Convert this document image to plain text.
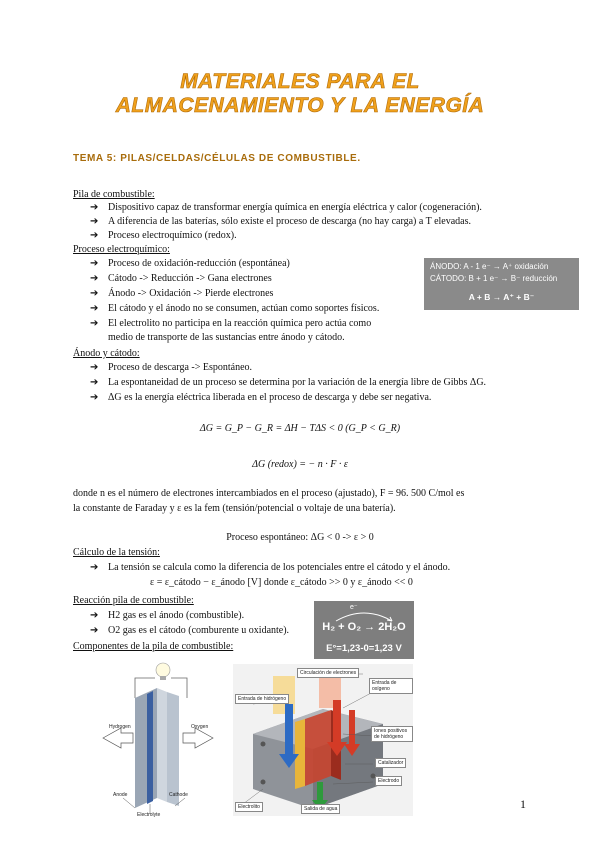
MATERIALES PARA EL
ALMACENAMIENTO Y LA ENERGÍA
TEMA 5: PILAS/CELDAS/CÉLULAS DE COMBUSTIBLE.
Pila de combustible:
➔ Dispositivo capaz de transformar energía química en energía eléctrica y calor (cogeneración).
➔ A diferencia de las baterías, sólo existe el proceso de descarga (no hay carga) a T elevadas.
➔ Proceso electroquímico (redox).
Proceso electroquímico:
➔ Proceso de oxidación-reducción (espontánea)
➔ Cátodo -> Reducción -> Gana electrones
➔ Ánodo -> Oxidación -> Pierde electrones
➔ El cátodo y el ánodo no se consumen, actúan como soportes físicos.
➔ El electrolito no participa en la reacción química pero actúa como
medio de transporte de las sustancias entre ánodo y cátodo.
ÁNODO: A - 1 e⁻ → A⁺ oxidación
CÁTODO: B + 1 e⁻ → B⁻ reducción
A + B → A⁺ + B⁻
Ánodo y cátodo:
➔ Proceso de descarga -> Espontáneo.
➔ La espontaneidad de un proceso se determina por la variación de la energía libre de Gibbs ΔG.
➔ ΔG es la energía eléctrica liberada en el proceso de descarga y debe ser negativa.
ΔG = G_P − G_R = ΔH − TΔS < 0 (G_P < G_R)
ΔG (redox) = − n · F · ε
donde n es el número de electrones intercambiados en el proceso (ajustado), F = 96. 500 C/mol es
la constante de Faraday y ε es la fem (tensión/potencial o voltaje de una batería).
Proceso espontáneo: ΔG < 0 -> ε > 0
Cálculo de la tensión:
➔ La tensión se calcula como la diferencia de los potenciales entre el cátodo y el ánodo.
ε = ε_cátodo − ε_ánodo [V] donde ε_cátodo >> 0 y ε_ánodo << 0
Reacción pila de combustible:
➔ H2 gas es el ánodo (combustible).
➔ O2 gas es el cátodo (comburente u oxidante).
e⁻
H₂ + O₂ → 2H₂O
E°=1,23-0=1,23 V
Componentes de la pila de combustible:
Hydrogen	Oxygen
Anode	Cathode
Electrolyte
Circulación de electrones
Entrada de oxígeno
Entrada de hidrógeno
Iones positivos de hidrógeno
Catalizador
Electrodo
Electrolito	Salida de agua	1
